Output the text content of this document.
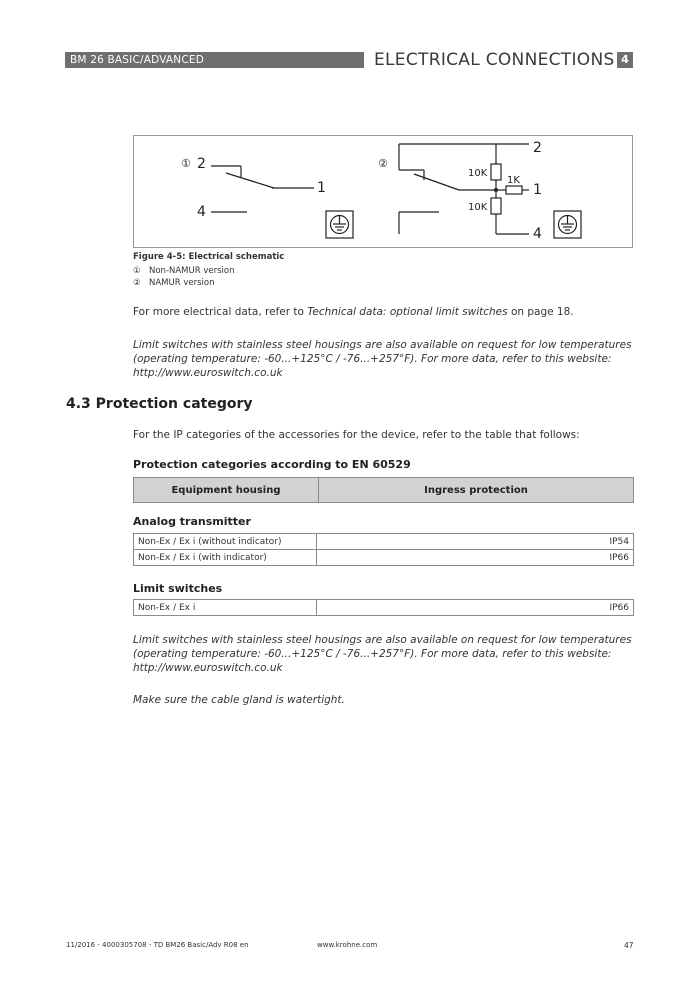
BM 26 BASIC/ADVANCED	ELECTRICAL CONNECTIONS 4
① 2
1
4
②
2
1
4
10K
10K
1K
Figure 4-5: Electrical schematic
① Non-NAMUR version
② NAMUR version
For more electrical data, refer to Technical data: optional limit switches on page 18.
Limit switches with stainless steel housings are also available on request for low temperatures
(operating temperature: -60...+125°C / -76...+257°F). For more data, refer to this website:
http://www.euroswitch.co.uk
4.3 Protection category
For the IP categories of the accessories for the device, refer to the table that follows:
Protection categories according to EN 60529
Equipment housing	Ingress protection
Analog transmitter
Non-Ex / Ex i (without indicator)	IP54
Non-Ex / Ex i (with indicator)	IP66
Limit switches
Non-Ex / Ex i	IP66
Limit switches with stainless steel housings are also available on request for low temperatures
(operating temperature: -60...+125°C / -76...+257°F). For more data, refer to this website:
http://www.euroswitch.co.uk
Make sure the cable gland is watertight.
11/2016 - 4000305708 - TD BM26 Basic/Adv R08 en	www.krohne.com	47
